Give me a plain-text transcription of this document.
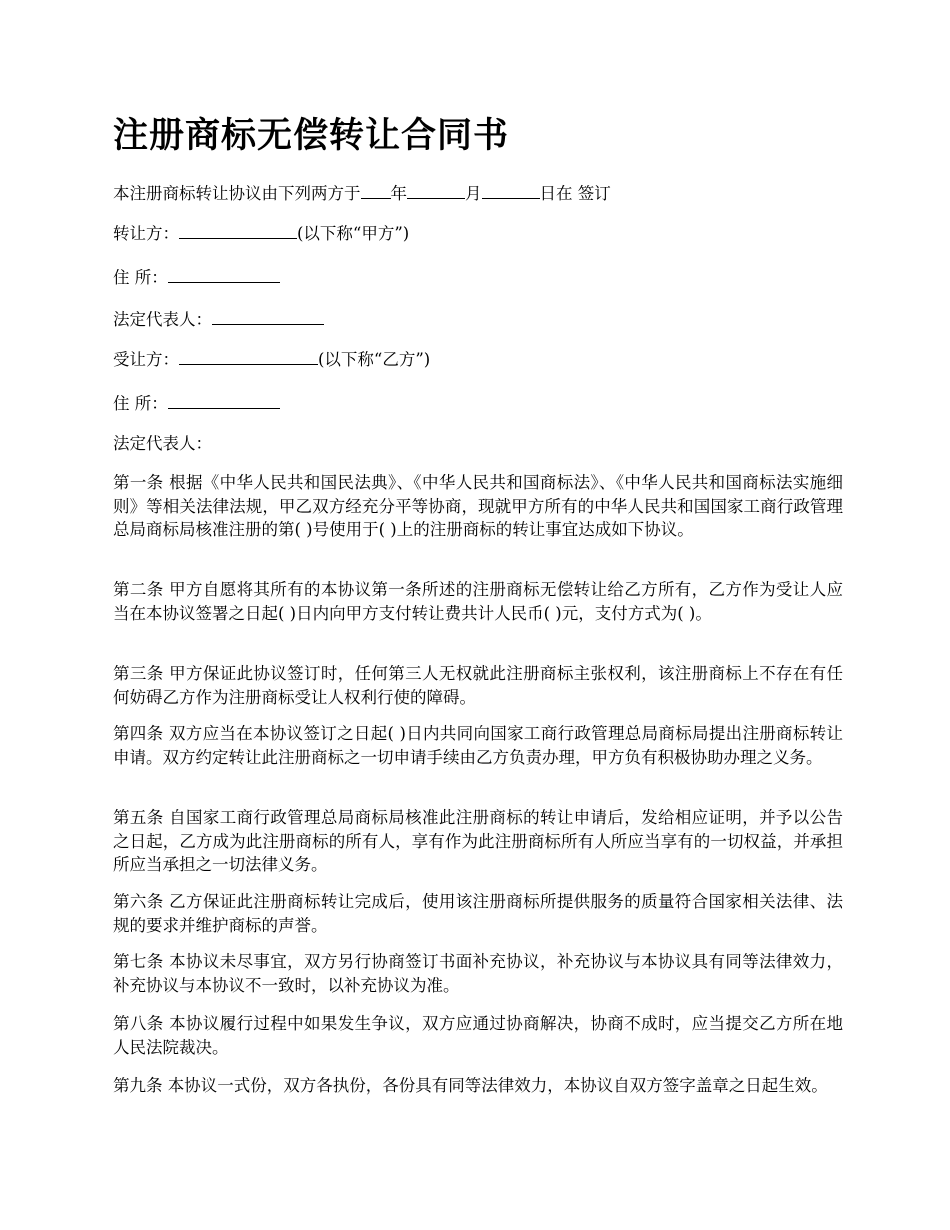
注册商标无偿转让合同书

本注册商标转让协议由下列两方于 年	月	日在 签订

转让方：	(以下称“甲方”)

住 所：

法定代表人：

受让方：	(以下称“乙方”)

住 所：

法定代表人：

第一条 根据《中华人民共和国民法典》、《中华人民共和国商标法》、《中华人民共和国商标法实施细则》等相关法律法规，甲乙双方经充分平等协商，现就甲方所有的中华人民共和国国家工商行政管理总局商标局核准注册的第( )号使用于( )上的注册商标的转让事宜达成如下协议。

第二条 甲方自愿将其所有的本协议第一条所述的注册商标无偿转让给乙方所有，乙方作为受让人应当在本协议签署之日起( )日内向甲方支付转让费共计人民币( )元，支付方式为( )。

第三条 甲方保证此协议签订时，任何第三人无权就此注册商标主张权利，该注册商标上不存在有任何妨碍乙方作为注册商标受让人权利行使的障碍。

第四条 双方应当在本协议签订之日起( )日内共同向国家工商行政管理总局商标局提出注册商标转让申请。双方约定转让此注册商标之一切申请手续由乙方负责办理，甲方负有积极协助办理之义务。

第五条 自国家工商行政管理总局商标局核准此注册商标的转让申请后，发给相应证明，并予以公告之日起，乙方成为此注册商标的所有人，享有作为此注册商标所有人所应当享有的一切权益，并承担所应当承担之一切法律义务。

第六条 乙方保证此注册商标转让完成后，使用该注册商标所提供服务的质量符合国家相关法律、法规的要求并维护商标的声誉。

第七条 本协议未尽事宜，双方另行协商签订书面补充协议，补充协议与本协议具有同等法律效力，补充协议与本协议不一致时，以补充协议为准。

第八条 本协议履行过程中如果发生争议，双方应通过协商解决，协商不成时，应当提交乙方所在地人民法院裁决。

第九条 本协议一式份，双方各执份，各份具有同等法律效力，本协议自双方签字盖章之日起生效。
